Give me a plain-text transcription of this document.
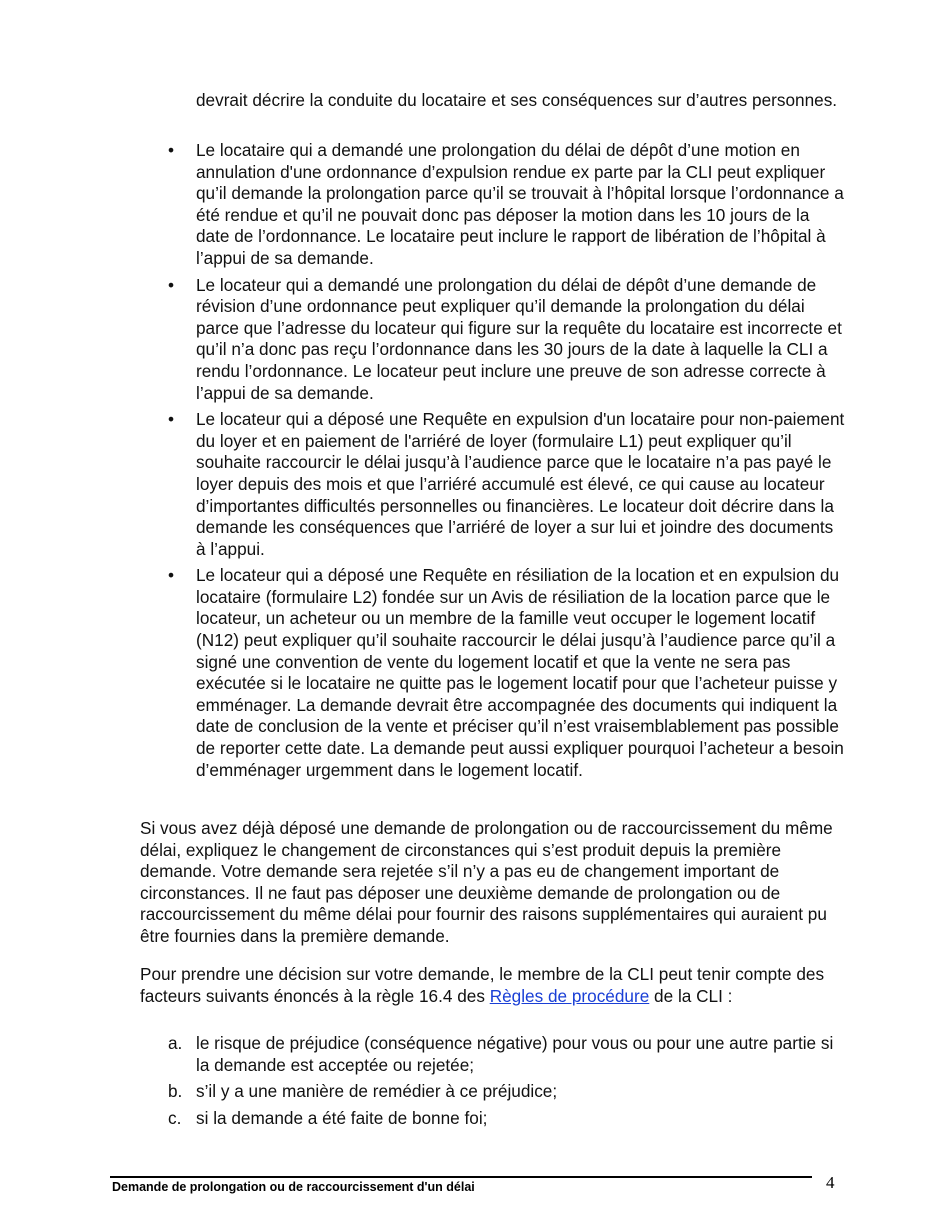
devrait décrire la conduite du locataire et ses conséquences sur d’autres personnes.

•	Le locataire qui a demandé une prolongation du délai de dépôt d’une motion en annulation d'une ordonnance d’expulsion rendue ex parte par la CLI peut expliquer qu’il demande la prolongation parce qu’il se trouvait à l’hôpital lorsque l’ordonnance a été rendue et qu’il ne pouvait donc pas déposer la motion dans les 10 jours de la date de l’ordonnance. Le locataire peut inclure le rapport de libération de l’hôpital à l’appui de sa demande.
•	Le locateur qui a demandé une prolongation du délai de dépôt d’une demande de révision d’une ordonnance peut expliquer qu’il demande la prolongation du délai parce que l’adresse du locateur qui figure sur la requête du locataire est incorrecte et qu’il n’a donc pas reçu l’ordonnance dans les 30 jours de la date à laquelle la CLI a rendu l’ordonnance. Le locateur peut inclure une preuve de son adresse correcte à l’appui de sa demande.
•	Le locateur qui a déposé une Requête en expulsion d'un locataire pour non-paiement du loyer et en paiement de l'arriéré de loyer (formulaire L1) peut expliquer qu’il souhaite raccourcir le délai jusqu’à l’audience parce que le locataire n’a pas payé le loyer depuis des mois et que l’arriéré accumulé est élevé, ce qui cause au locateur d’importantes difficultés personnelles ou financières. Le locateur doit décrire dans la demande les conséquences que l’arriéré de loyer a sur lui et joindre des documents à l’appui.
•	Le locateur qui a déposé une Requête en résiliation de la location et en expulsion du locataire (formulaire L2) fondée sur un Avis de résiliation de la location parce que le locateur, un acheteur ou un membre de la famille veut occuper le logement locatif (N12) peut expliquer qu’il souhaite raccourcir le délai jusqu’à l’audience parce qu’il a signé une convention de vente du logement locatif et que la vente ne sera pas exécutée si le locataire ne quitte pas le logement locatif pour que l’acheteur puisse y emménager. La demande devrait être accompagnée des documents qui indiquent la date de conclusion de la vente et préciser qu’il n’est vraisemblablement pas possible de reporter cette date. La demande peut aussi expliquer pourquoi l’acheteur a besoin d’emménager urgemment dans le logement locatif.

Si vous avez déjà déposé une demande de prolongation ou de raccourcissement du même délai, expliquez le changement de circonstances qui s’est produit depuis la première demande. Votre demande sera rejetée s’il n’y a pas eu de changement important de circonstances. Il ne faut pas déposer une deuxième demande de prolongation ou de raccourcissement du même délai pour fournir des raisons supplémentaires qui auraient pu être fournies dans la première demande.

Pour prendre une décision sur votre demande, le membre de la CLI peut tenir compte des facteurs suivants énoncés à la règle 16.4 des Règles de procédure de la CLI :

a. le risque de préjudice (conséquence négative) pour vous ou pour une autre partie si la demande est acceptée ou rejetée;
b. s’il y a une manière de remédier à ce préjudice;
c. si la demande a été faite de bonne foi;
Demande de prolongation ou de raccourcissement d'un délai	4
